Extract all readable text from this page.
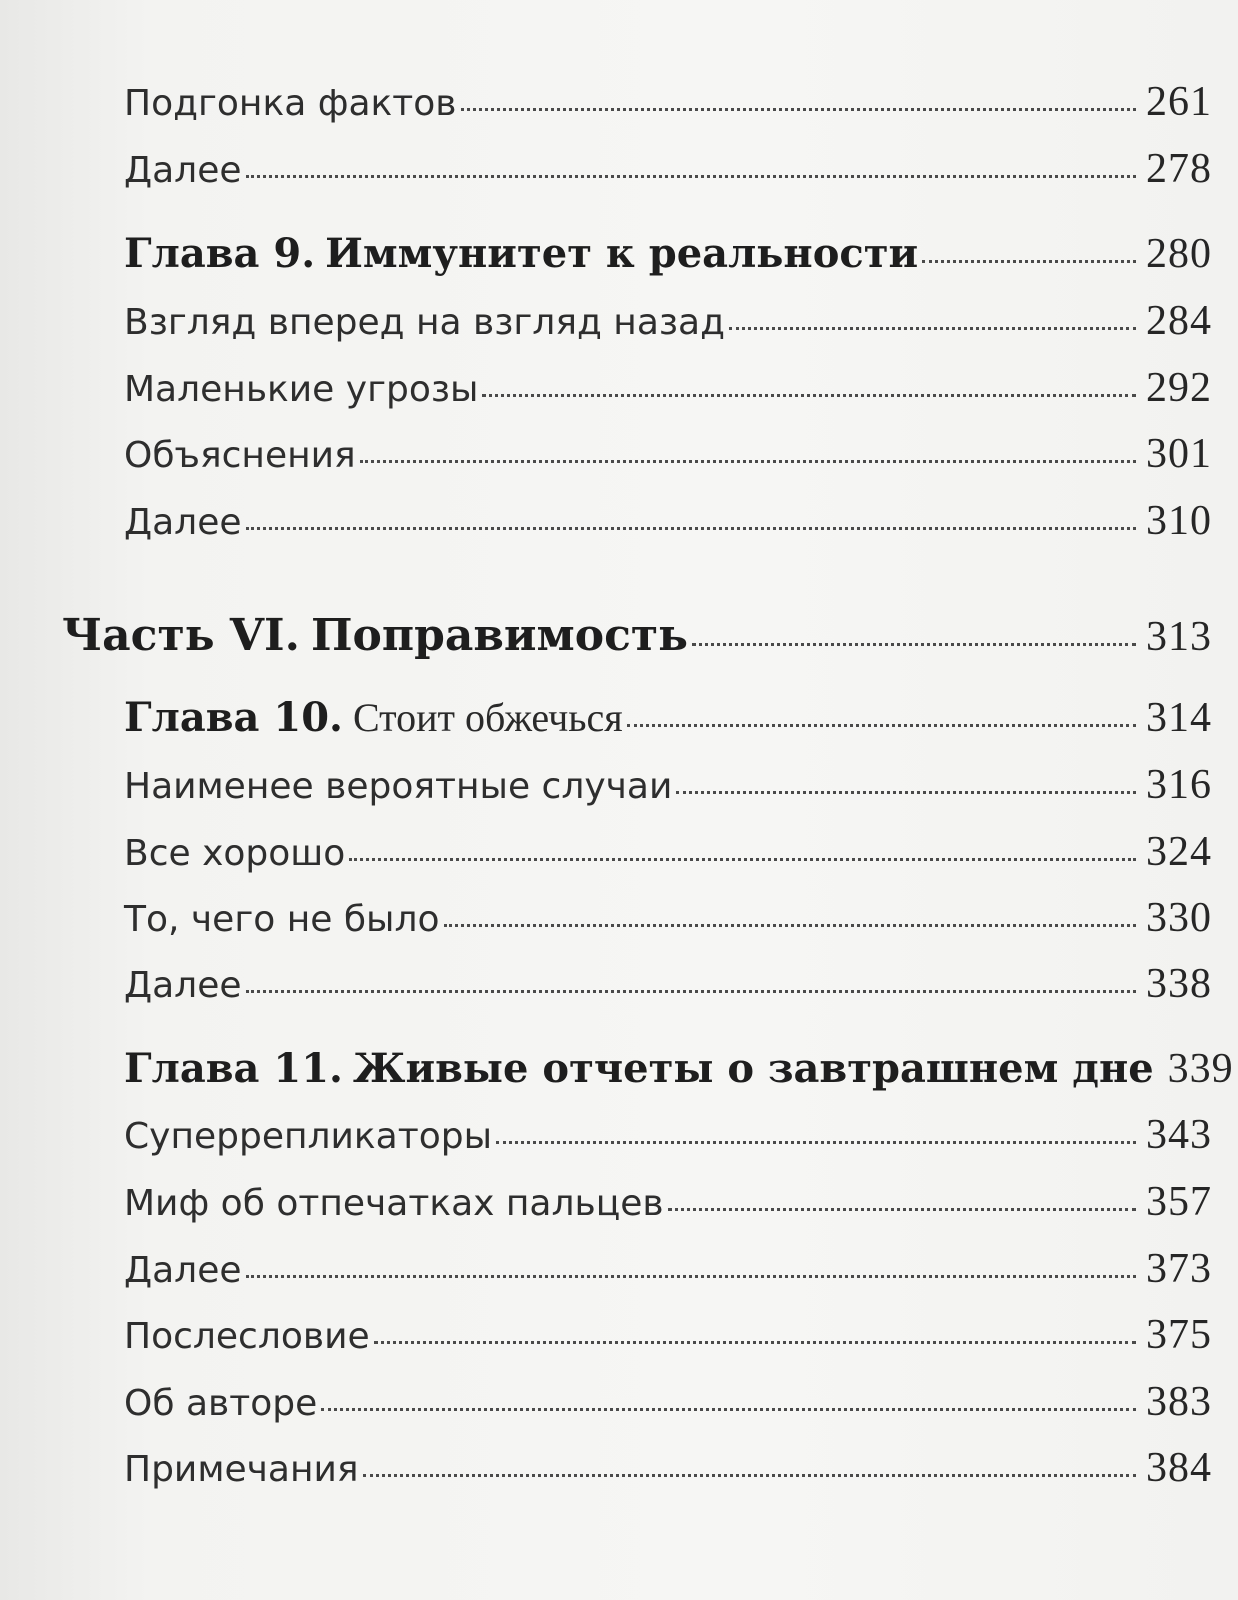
Подгонка фактов	261
Далее	278
Глава 9. Иммунитет к реальности	280
Взгляд вперед на взгляд назад	284
Маленькие угрозы	292
Объяснения	301
Далее	310
Часть VI. Поправимость	313
Глава 10. Стоит обжечься	314
Наименее вероятные случаи	316
Все хорошо	324
То, чего не было	330
Далее	338
Глава 11. Живые отчеты о завтрашнем дне 339
Суперрепликаторы	343
Миф об отпечатках пальцев	357
Далее	373
Послесловие	375
Об авторе	383
Примечания	384
